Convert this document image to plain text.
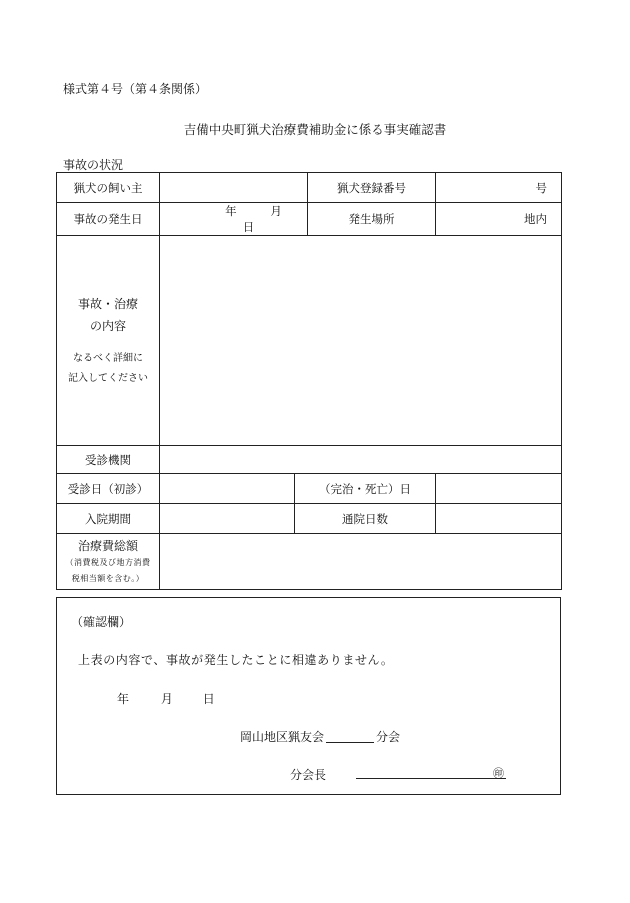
様式第４号（第４条関係）
吉備中央町猟犬治療費補助金に係る事実確認書
事故の状況
猟犬の飼い主			猟犬登録番号	号
事故の発生日	年 月 日		発生場所	地内

事故・治療
の内容
なるべく詳細に
記入してください				

受診機関				
受診日（初診）		（完治・死亡）日		
入院期間		通院日数		

治療費総額
（消費税及び地方消費
税相当額を含む。）				

（確認欄）
上表の内容で、事故が発生したことに相違ありません。
年	月 日
岡山地区猟友会	分会
分会長	㊞
